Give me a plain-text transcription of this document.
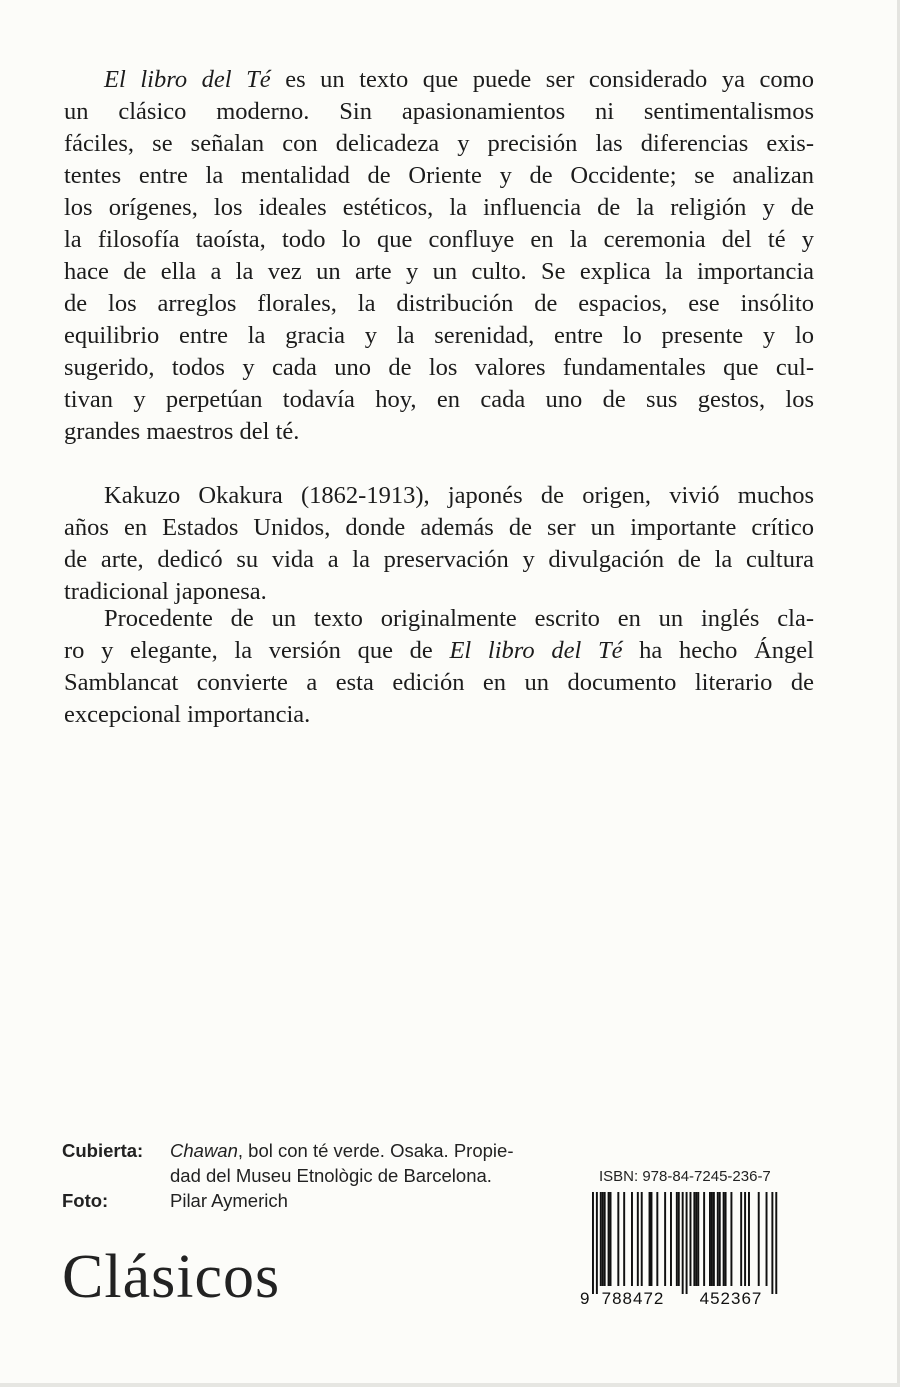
El libro del Té es un texto que puede ser considerado ya como
un clásico moderno. Sin apasionamientos ni sentimentalismos
fáciles, se señalan con delicadeza y precisión las diferencias exis-
tentes entre la mentalidad de Oriente y de Occidente; se analizan
los orígenes, los ideales estéticos, la influencia de la religión y de
la filosofía taoísta, todo lo que confluye en la ceremonia del té y
hace de ella a la vez un arte y un culto. Se explica la importancia
de los arreglos florales, la distribución de espacios, ese insólito
equilibrio entre la gracia y la serenidad, entre lo presente y lo
sugerido, todos y cada uno de los valores fundamentales que cul-
tivan y perpetúan todavía hoy, en cada uno de sus gestos, los
grandes maestros del té.
Kakuzo Okakura (1862-1913), japonés de origen, vivió muchos
años en Estados Unidos, donde además de ser un importante crítico
de arte, dedicó su vida a la preservación y divulgación de la cultura
tradicional japonesa.
Procedente de un texto originalmente escrito en un inglés cla-
ro y elegante, la versión que de El libro del Té ha hecho Ángel
Samblancat convierte a esta edición en un documento literario de
excepcional importancia.
Cubierta:	Chawan, bol con té verde. Osaka. Propie-
dad del Museu Etnològic de Barcelona.
Foto:	Pilar Aymerich
Clásicos
ISBN: 978-84-7245-236-7
9 788472 452367
